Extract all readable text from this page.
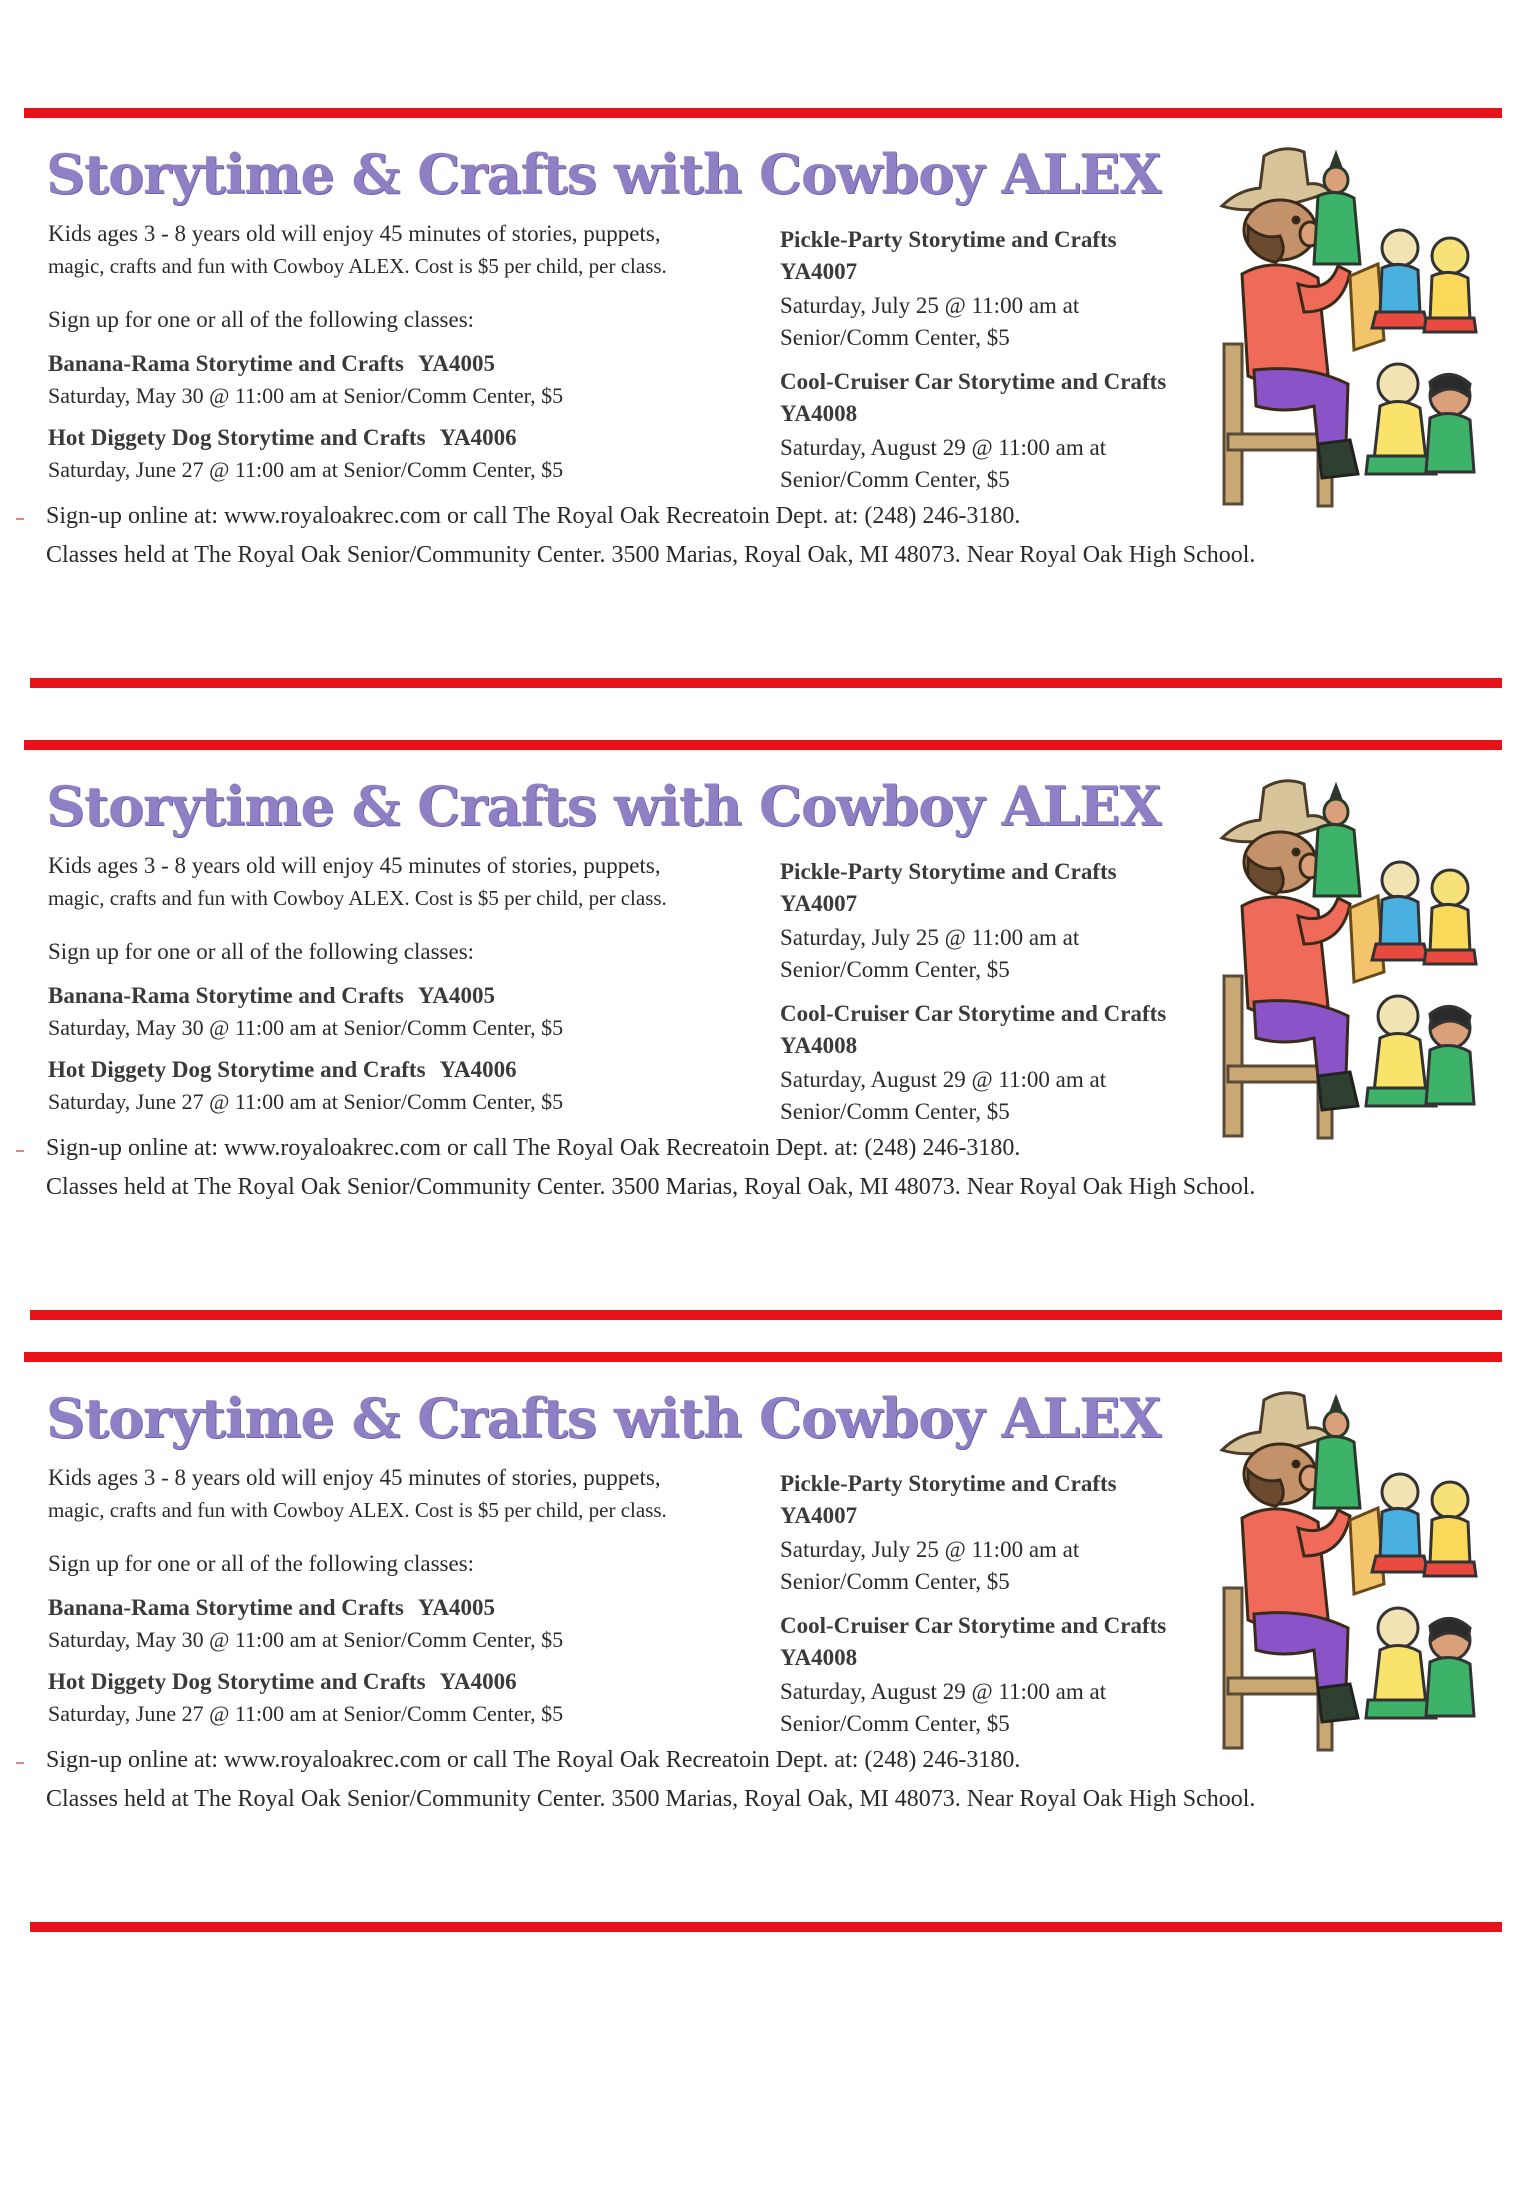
Storytime & Crafts with Cowboy ALEX
Kids ages 3 - 8 years old will enjoy 45 minutes of stories, puppets,
magic, crafts and fun with Cowboy ALEX. Cost is $5 per child, per class.
Sign up for one or all of the following classes:
Banana-Rama Storytime and Crafts YA4005
Saturday, May 30 @ 11:00 am at Senior/Comm Center, $5
Hot Diggety Dog Storytime and Crafts YA4006
Saturday, June 27 @ 11:00 am at Senior/Comm Center, $5
Pickle-Party Storytime and Crafts
YA4007
Saturday, July 25 @ 11:00 am at
Senior/Comm Center, $5
Cool-Cruiser Car Storytime and Crafts
YA4008
Saturday, August 29 @ 11:00 am at
Senior/Comm Center, $5
Sign-up online at: www.royaloakrec.com or call The Royal Oak Recreatoin Dept. at: (248) 246-3180.
Classes held at The Royal Oak Senior/Community Center. 3500 Marias, Royal Oak, MI 48073. Near Royal Oak High School.
Storytime & Crafts with Cowboy ALEX
Kids ages 3 - 8 years old will enjoy 45 minutes of stories, puppets,
magic, crafts and fun with Cowboy ALEX. Cost is $5 per child, per class.
Sign up for one or all of the following classes:
Banana-Rama Storytime and Crafts YA4005
Saturday, May 30 @ 11:00 am at Senior/Comm Center, $5
Hot Diggety Dog Storytime and Crafts YA4006
Saturday, June 27 @ 11:00 am at Senior/Comm Center, $5
Pickle-Party Storytime and Crafts
YA4007
Saturday, July 25 @ 11:00 am at
Senior/Comm Center, $5
Cool-Cruiser Car Storytime and Crafts
YA4008
Saturday, August 29 @ 11:00 am at
Senior/Comm Center, $5
Sign-up online at: www.royaloakrec.com or call The Royal Oak Recreatoin Dept. at: (248) 246-3180.
Classes held at The Royal Oak Senior/Community Center. 3500 Marias, Royal Oak, MI 48073. Near Royal Oak High School.
Storytime & Crafts with Cowboy ALEX
Kids ages 3 - 8 years old will enjoy 45 minutes of stories, puppets,
magic, crafts and fun with Cowboy ALEX. Cost is $5 per child, per class.
Sign up for one or all of the following classes:
Banana-Rama Storytime and Crafts YA4005
Saturday, May 30 @ 11:00 am at Senior/Comm Center, $5
Hot Diggety Dog Storytime and Crafts YA4006
Saturday, June 27 @ 11:00 am at Senior/Comm Center, $5
Pickle-Party Storytime and Crafts
YA4007
Saturday, July 25 @ 11:00 am at
Senior/Comm Center, $5
Cool-Cruiser Car Storytime and Crafts
YA4008
Saturday, August 29 @ 11:00 am at
Senior/Comm Center, $5
Sign-up online at: www.royaloakrec.com or call The Royal Oak Recreatoin Dept. at: (248) 246-3180.
Classes held at The Royal Oak Senior/Community Center. 3500 Marias, Royal Oak, MI 48073. Near Royal Oak High School.
